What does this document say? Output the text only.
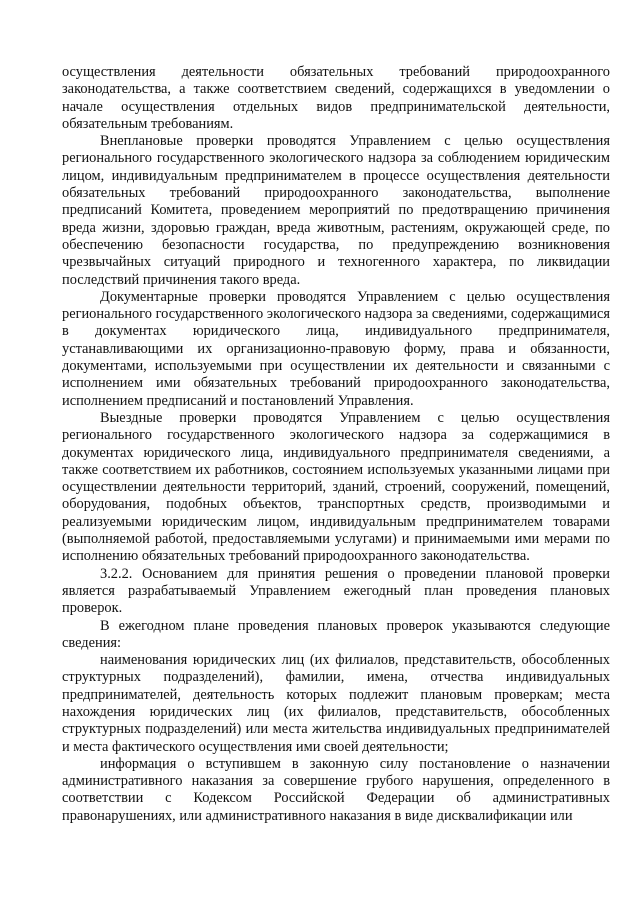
осуществления деятельности обязательных требований природоохранного законодательства, а также соответствием сведений, содержащихся в уведомлении о начале осуществления отдельных видов предпринимательской деятельности, обязательным требованиям.

Внеплановые проверки проводятся Управлением с целью осуществления регионального государственного экологического надзора за соблюдением юридическим лицом, индивидуальным предпринимателем в процессе осуществления деятельности обязательных требований природоохранного законодательства, выполнение предписаний Комитета, проведением мероприятий по предотвращению причинения вреда жизни, здоровью граждан, вреда животным, растениям, окружающей среде, по обеспечению безопасности государства, по предупреждению возникновения чрезвычайных ситуаций природного и техногенного характера, по ликвидации последствий причинения такого вреда.

Документарные проверки проводятся Управлением с целью осуществления регионального государственного экологического надзора за сведениями, содержащимися в документах юридического лица, индивидуального предпринимателя, устанавливающими их организационно-правовую форму, права и обязанности, документами, используемыми при осуществлении их деятельности и связанными с исполнением ими обязательных требований природоохранного законодательства, исполнением предписаний и постановлений Управления.

Выездные проверки проводятся Управлением с целью осуществления регионального государственного экологического надзора за содержащимися в документах юридического лица, индивидуального предпринимателя сведениями, а также соответствием их работников, состоянием используемых указанными лицами при осуществлении деятельности территорий, зданий, строений, сооружений, помещений, оборудования, подобных объектов, транспортных средств, производимыми и реализуемыми юридическим лицом, индивидуальным предпринимателем товарами (выполняемой работой, предоставляемыми услугами) и принимаемыми ими мерами по исполнению обязательных требований природоохранного законодательства.

3.2.2. Основанием для принятия решения о проведении плановой проверки является разрабатываемый Управлением ежегодный план проведения плановых проверок.

В ежегодном плане проведения плановых проверок указываются следующие сведения:

наименования юридических лиц (их филиалов, представительств, обособленных структурных подразделений), фамилии, имена, отчества индивидуальных предпринимателей, деятельность которых подлежит плановым проверкам; места нахождения юридических лиц (их филиалов, представительств, обособленных структурных подразделений) или места жительства индивидуальных предпринимателей и места фактического осуществления ими своей деятельности;

информация о вступившем в законную силу постановление о назначении административного наказания за совершение грубого нарушения, определенного в соответствии с Кодексом Российской Федерации об административных правонарушениях, или административного наказания в виде дисквалификации или
